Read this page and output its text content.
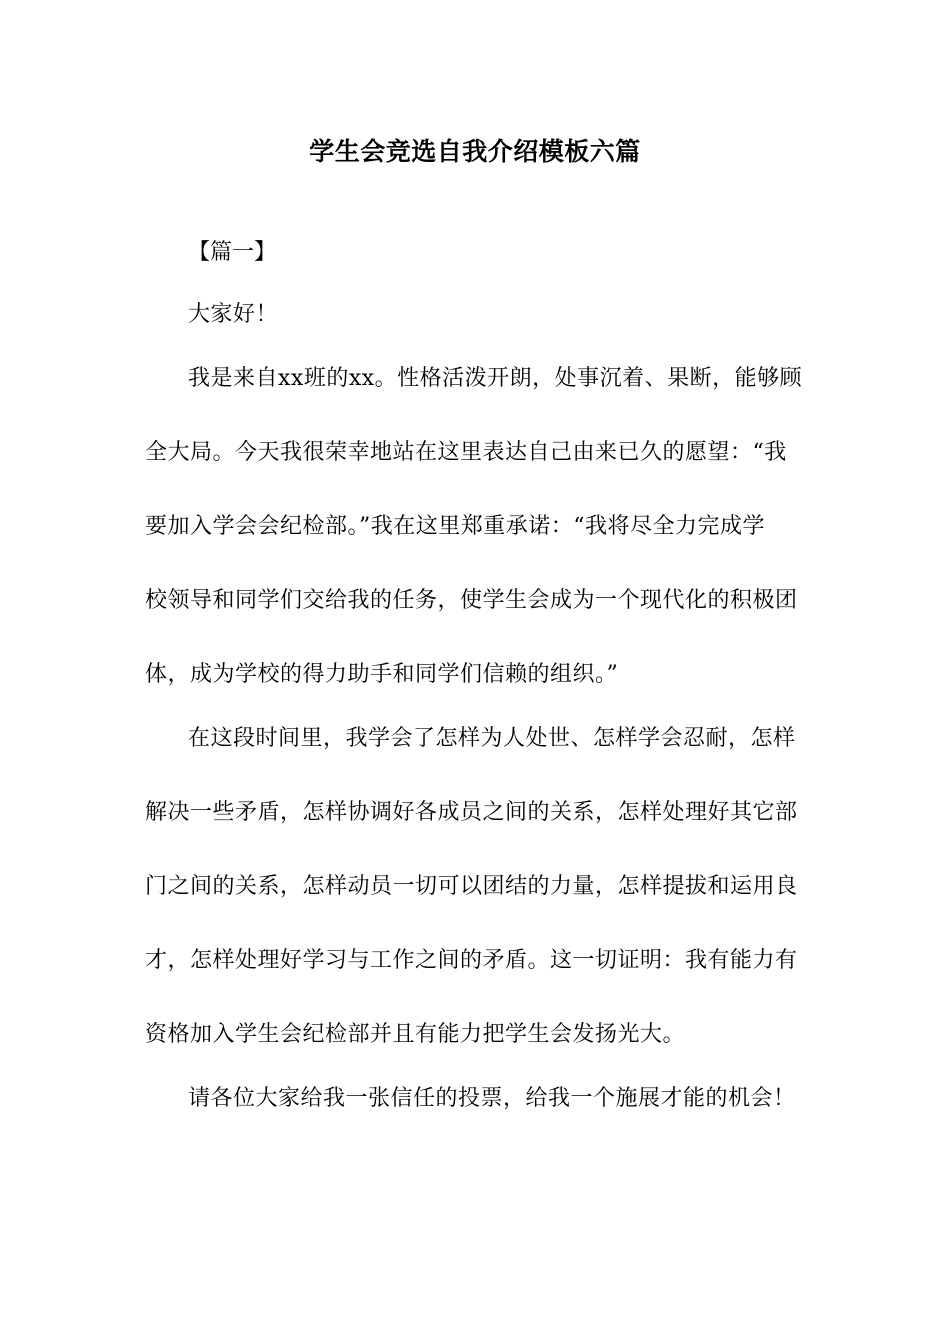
学生会竞选自我介绍模板六篇
【篇一】
大家好！
我是来自xx班的xx。性格活泼开朗，处事沉着、果断，能够顾
全大局。今天我很荣幸地站在这里表达自己由来已久的愿望：“我
要加入学会会纪检部。”我在这里郑重承诺：“我将尽全力完成学
校领导和同学们交给我的任务，使学生会成为一个现代化的积极团
体，成为学校的得力助手和同学们信赖的组织。”
在这段时间里，我学会了怎样为人处世、怎样学会忍耐，怎样
解决一些矛盾，怎样协调好各成员之间的关系，怎样处理好其它部
门之间的关系，怎样动员一切可以团结的力量，怎样提拔和运用良
才，怎样处理好学习与工作之间的矛盾。这一切证明：我有能力有
资格加入学生会纪检部并且有能力把学生会发扬光大。
请各位大家给我一张信任的投票，给我一个施展才能的机会！
